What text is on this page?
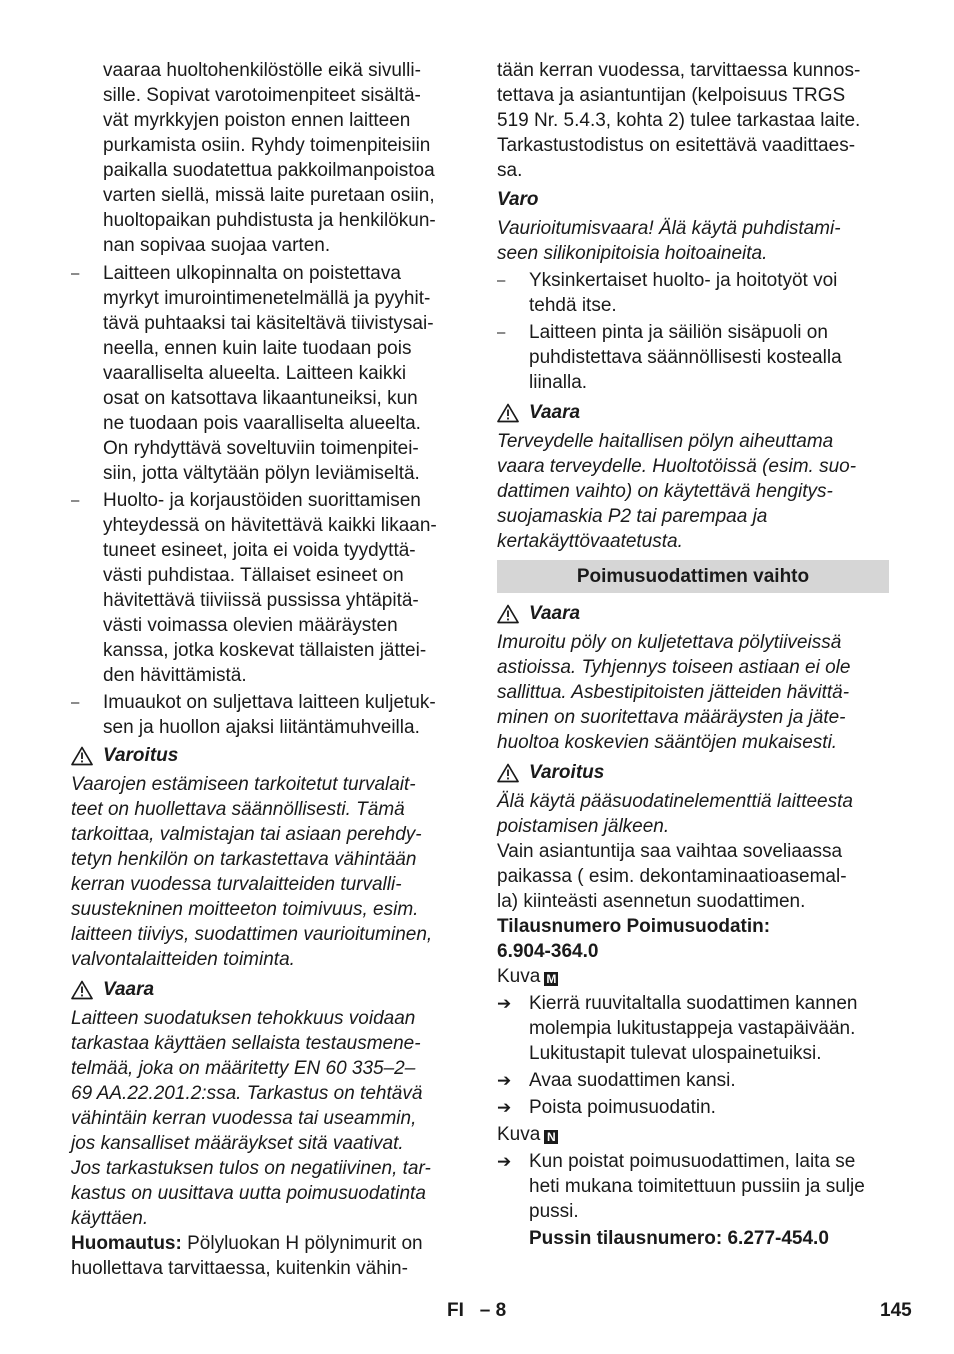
vaaraa huoltohenkilöstölle eikä sivulli-
sille. Sopivat varotoimenpiteet sisältä-
vät myrkkyjen poiston ennen laitteen
purkamista osiin. Ryhdy toimenpiteisiin
paikalla suodatettua pakkoilmanpoistoa
varten siellä, missä laite puretaan osiin,
huoltopaikan puhdistusta ja henkilökun-
nan sopivaa suojaa varten.
–	Laitteen ulkopinnalta on poistettava
myrkyt imurointimenetelmällä ja pyyhit-
tävä puhtaaksi tai käsiteltävä tiivistysai-
neella, ennen kuin laite tuodaan pois
vaaralliselta alueelta. Laitteen kaikki
osat on katsottava likaantuneiksi, kun
ne tuodaan pois vaaralliselta alueelta.
On ryhdyttävä soveltuviin toimenpitei-
siin, jotta vältytään pölyn leviämiseltä.
–	Huolto- ja korjaustöiden suorittamisen
yhteydessä on hävitettävä kaikki likaan-
tuneet esineet, joita ei voida tyydyttä-
västi puhdistaa. Tällaiset esineet on
hävitettävä tiiviissä pussissa yhtäpitä-
västi voimassa olevien määräysten
kanssa, jotka koskevat tällaisten jättei-
den hävittämistä.
–	Imuaukot on suljettava laitteen kuljetuk-
sen ja huollon ajaksi liitäntämuhveilla.
Varoitus
Vaarojen estämiseen tarkoitetut turvalait-
teet on huollettava säännöllisesti. Tämä
tarkoittaa, valmistajan tai asiaan perehdy-
tetyn henkilön on tarkastettava vähintään
kerran vuodessa turvalaitteiden turvalli-
suustekninen moitteeton toimivuus, esim.
laitteen tiiviys, suodattimen vaurioituminen,
valvontalaitteiden toiminta.
Vaara
Laitteen suodatuksen tehokkuus voidaan
tarkastaa käyttäen sellaista testausmene-
telmää, joka on määritetty EN 60 335–2–
69 AA.22.201.2:ssa. Tarkastus on tehtävä
vähintäin kerran vuodessa tai useammin,
jos kansalliset määräykset sitä vaativat.
Jos tarkastuksen tulos on negatiivinen, tar-
kastus on uusittava uutta poimusuodatinta
käyttäen.
Huomautus: Pölyluokan H pölynimurit on
huollettava tarvittaessa, kuitenkin vähin-
tään kerran vuodessa, tarvittaessa kunnos-
tettava ja asiantuntijan (kelpoisuus TRGS
519 Nr. 5.4.3, kohta 2) tulee tarkastaa laite.
Tarkastustodistus on esitettävä vaadittaes-
sa.
Varo
Vaurioitumisvaara! Älä käytä puhdistami-
seen silikonipitoisia hoitoaineita.
–	Yksinkertaiset huolto- ja hoitotyöt voi
tehdä itse.
–	Laitteen pinta ja säiliön sisäpuoli on
puhdistettava säännöllisesti kostealla
liinalla.
Vaara
Terveydelle haitallisen pölyn aiheuttama
vaara terveydelle. Huoltotöissä (esim. suo-
dattimen vaihto) on käytettävä hengitys-
suojamaskia P2 tai parempaa ja
kertakäyttövaatetusta.
Poimusuodattimen vaihto
Vaara
Imuroitu pöly on kuljetettava pölytiiveissä
astioissa. Tyhjennys toiseen astiaan ei ole
sallittua. Asbestipitoisten jätteiden hävittä-
minen on suoritettava määräysten ja jäte-
huoltoa koskevien sääntöjen mukaisesti.
Varoitus
Älä käytä pääsuodatinelementtiä laitteesta
poistamisen jälkeen.
Vain asiantuntija saa vaihtaa soveliaassa
paikassa ( esim. dekontaminaatioasemal-
la) kiinteästi asennetun suodattimen.
Tilausnumero Poimusuodatin:
6.904-364.0
Kuva M
➔ Kierrä ruuvitaltalla suodattimen kannen
molempia lukitustappeja vastapäivään.
Lukitustapit tulevat ulospainetuiksi.
➔ Avaa suodattimen kansi.
➔ Poista poimusuodatin.
Kuva N
➔ Kun poistat poimusuodattimen, laita se
heti mukana toimitettuun pussiin ja sulje
pussi.
Pussin tilausnumero: 6.277-454.0
FI – 8	145
